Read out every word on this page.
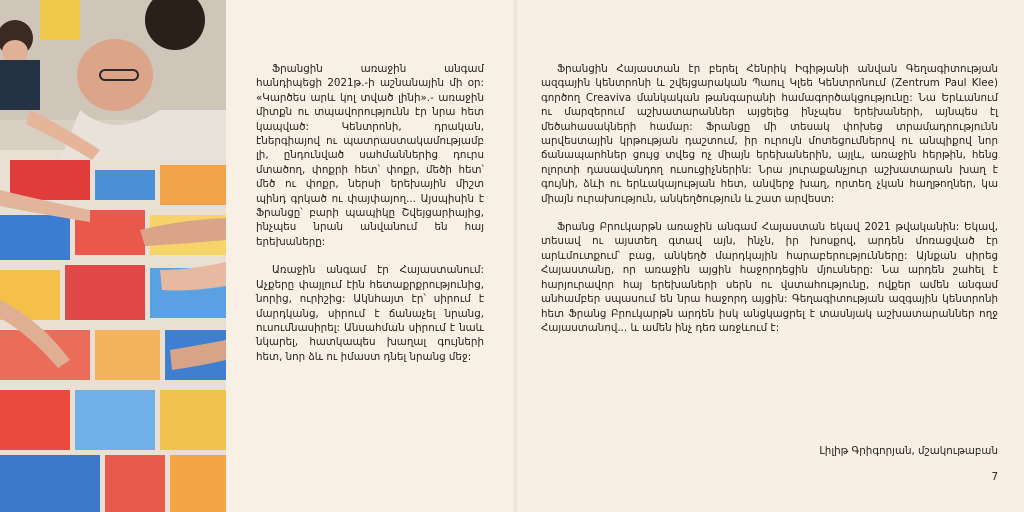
Ֆրանցին առաջին անգամ հանդիպեցի 2021թ.-ի աշնանային մի օր: «Կարծես արև կոլ տված լինի».- առաջին միտքն ու տպավորությունն էր նրա հետ կապված: Կենտրոնի, դրական, էներգիայով ու պատրաստակամությամբ լի, ընդունված սահմաններից դուրս մտածող, փոքրի հետ՝ փոքր, մեծի հետ՝ մեծ ու փոքր, ներսի երեխային միշտ պինդ գրկած ու փայփայող... Այսպիսին է Ֆրանցը՝ բարի պապիկը Շվեյցարիայից, ինչպես նրան անվանում են հայ երեխաները:

Առաջին անգամ էր Հայաստանում: Աչքերը փայլում էին հետաքրքրությունից, նորից, ուրիշից: Ակնհայտ էր՝ սիրում է մարդկանց, սիրում է ճանաչել նրանց, ուսումնասիրել: Անսահման սիրում է նաև նկարել, հատկապես խաղալ գույների հետ, նոր ձև ու իմաստ դնել նրանց մեջ:

Ֆրանցին Հայաստան էր բերել Հենրիկ Իգիթյանի անվան Գեղագիտության ազգային կենտրոնի և շվեյցարական Պաուլ Կլեե Կենտրոնում (Zentrum Paul Klee) գործող Creaviva մանկական թանգարանի համագործակցությունը: Նա Երևանում ու մարզերում աշխատարաններ այցելեց ինչպես երեխաների, այնպես էլ մեծահասակների համար: Ֆրանցը մի տեսակ փոխեց տրամադրությունն արվեստային կրթության դաշտում, իր ուրույն մոտեցումներով ու անպիքով նոր ճանապարհներ ցույց տվեց ոչ միայն երեխաներին, այլև, առաջին հերթին, հենց ոլորտի դասավանդող ուսուցիչներին: Նրա յուրաքանչյուր աշխատարան խաղ է գույնի, ձևի ու երևակայության հետ, անվերջ խաղ, որտեղ չկան հաղթողներ, կա միայն ուրախություն, անկեղծություն և շատ արվեստ:

Ֆրանց Բրուկարթն առաջին անգամ Հայաստան եկավ 2021 թվականին: Եկավ, տեսավ ու այստեղ գտավ այն, ինչն, իր խոսքով, արդեն մոռացված էր արևմուտքում՝ բաց, անկեղծ մարդկային հարաբերությունները: Այնքան սիրեց Հայաստանը, որ առաջին այցին հաջորդեցին մյուսները: Նա արդեն շահել է հարյուրավոր հայ երեխաների սերն ու վստահությունը, ովքեր ամեն անգամ անհամբեր սպասում են նրա հաջորդ այցին: Գեղագիտության ազգային կենտրոնի հետ Ֆրանց Բրուկարթն արդեն իսկ անցկացրել է տասնյակ աշխատարաններ ողջ Հայաստանով... և ամեն ինչ դեռ առջևում է:

Լիլիթ Գրիգորյան, մշակութաբան
7
